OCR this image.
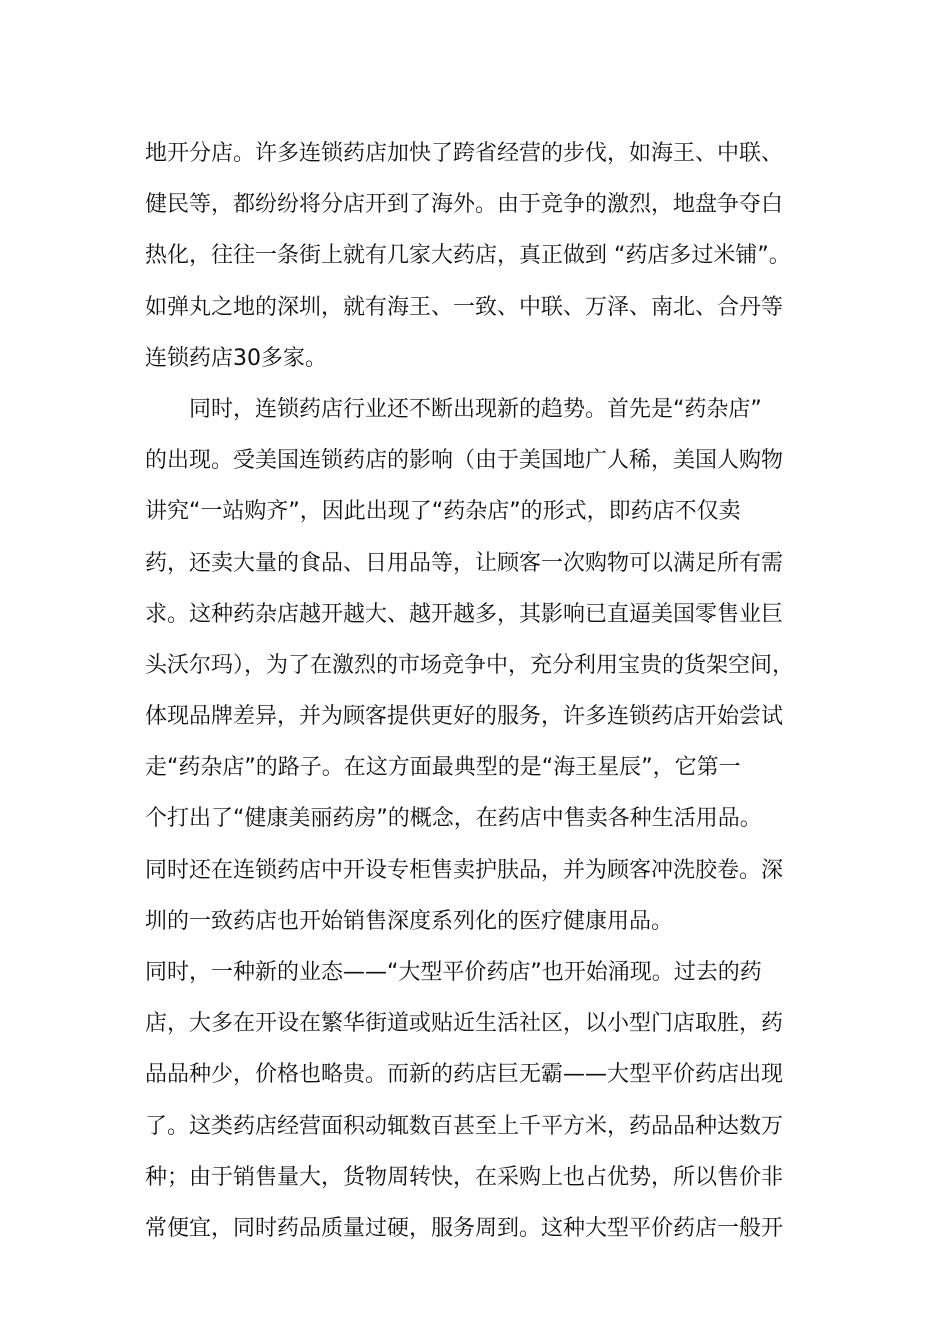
地开分店。许多连锁药店加快了跨省经营的步伐，如海王、中联、
健民等，都纷纷将分店开到了海外。由于竞争的激烈，地盘争夺白
热化，往往一条街上就有几家大药店，真正做到 “药店多过米铺”。
如弹丸之地的深圳，就有海王、一致、中联、万泽、南北、合丹等
连锁药店30多家。
　　同时，连锁药店行业还不断出现新的趋势。首先是“药杂店”
的出现。受美国连锁药店的影响（由于美国地广人稀，美国人购物
讲究“一站购齐”，因此出现了“药杂店”的形式，即药店不仅卖
药，还卖大量的食品、日用品等，让顾客一次购物可以满足所有需
求。这种药杂店越开越大、越开越多，其影响已直逼美国零售业巨
头沃尔玛），为了在激烈的市场竞争中，充分利用宝贵的货架空间，
体现品牌差异，并为顾客提供更好的服务，许多连锁药店开始尝试
走“药杂店”的路子。在这方面最典型的是“海王星辰”，它第一
个打出了“健康美丽药房”的概念，在药店中售卖各种生活用品。
同时还在连锁药店中开设专柜售卖护肤品，并为顾客冲洗胶卷。深
圳的一致药店也开始销售深度系列化的医疗健康用品。
同时，一种新的业态——“大型平价药店”也开始涌现。过去的药
店，大多在开设在繁华街道或贴近生活社区，以小型门店取胜，药
品品种少，价格也略贵。而新的药店巨无霸——大型平价药店出现
了。这类药店经营面积动辄数百甚至上千平方米，药品品种达数万
种；由于销售量大，货物周转快，在采购上也占优势，所以售价非
常便宜，同时药品质量过硬，服务周到。这种大型平价药店一般开
